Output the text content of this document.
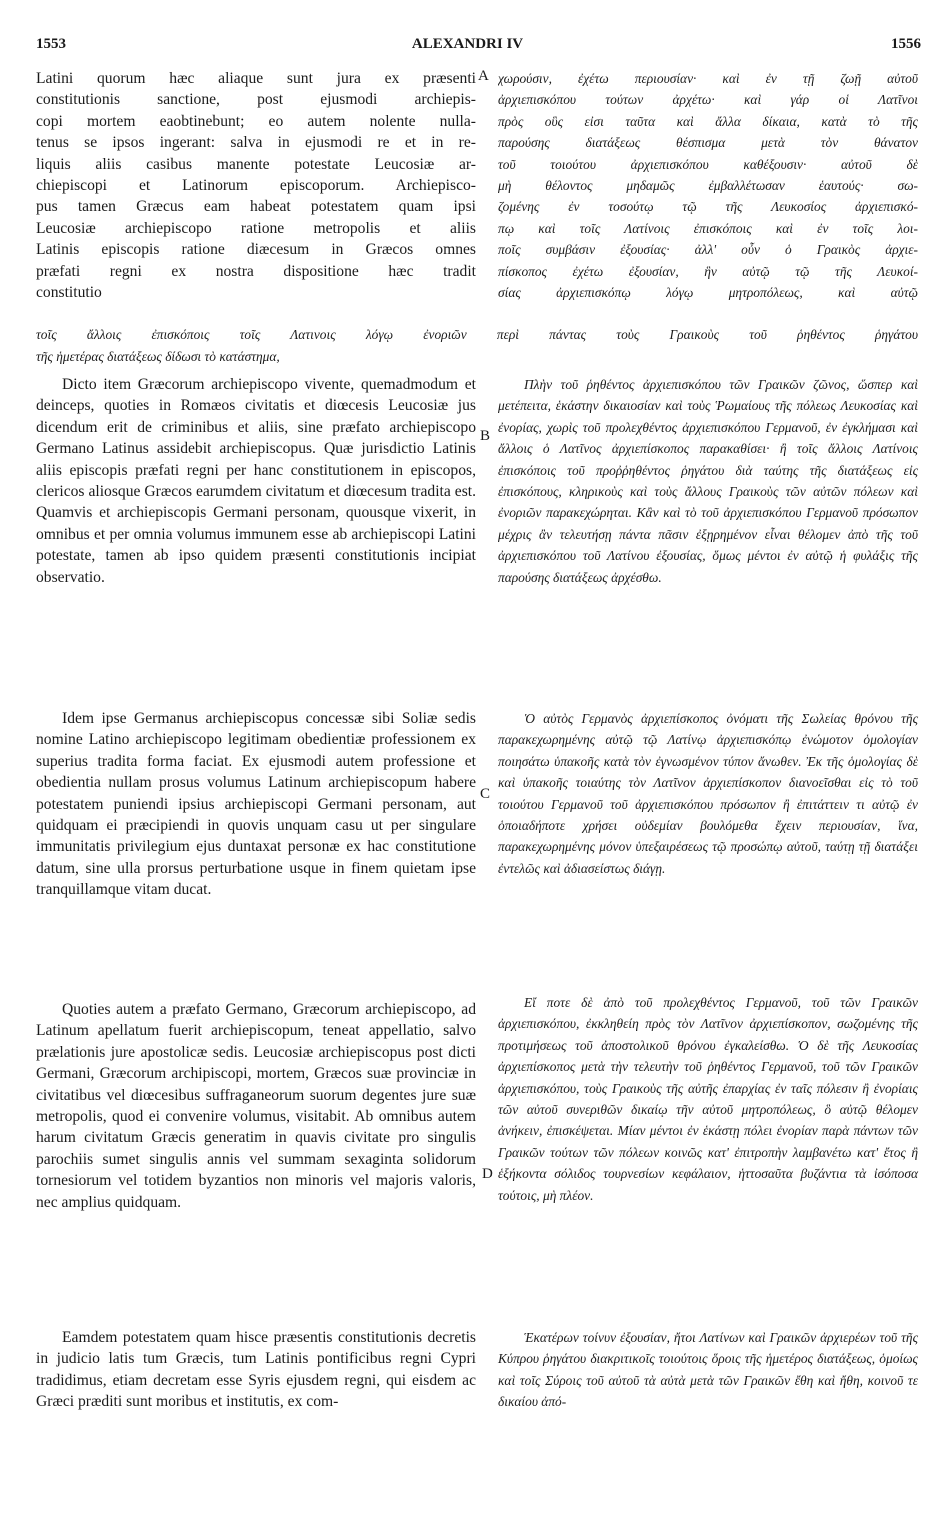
1553	ALEXANDRI IV	1556
A
B
C
D
Latini quorum hæc aliaque sunt jura ex præsenti
constitutionis sanctione, post ejusmodi archiepis-
copi mortem eaobtinebunt; eo autem nolente nulla-
tenus se ipsos ingerant: salva in ejusmodi re et in re-
liquis aliis casibus manente potestate Leucosiæ ar-
chiepiscopi et Latinorum episcoporum. Archiepisco-
pus tamen Græcus eam habeat potestatem quam ipsi
Leucosiæ archiepiscopo ratione metropolis et aliis
Latinis episcopis ratione diæcesum in Græcos omnes
præfati regni ex nostra dispositione hæc tradit
constitutio
χωρούσιν, ἐχέτω περιουσίαν· καὶ ἐν τῇ ζωῇ αὐτοῦ
ἀρχιεπισκόπου τούτων ἀρχέτω· καὶ γάρ οἱ Λατῖνοι
πρὸς οὓς εἰσι ταῦτα καὶ ἄλλα δίκαια, κατὰ τὸ τῆς
παρούσης διατάξεως θέσπισμα μετὰ τὸν θάνατον
τοῦ τοιούτου ἀρχιεπισκόπου καθέξουσιν· αὐτοῦ δὲ
μὴ θέλοντος μηδαμῶς ἐμβαλλέτωσαν ἑαυτούς· σω-
ζομένης ἐν τοσούτῳ τῷ τῆς Λευκοσίος ἀρχιεπισκό-
πῳ καὶ τοῖς Λατίνοις ἐπισκόποις καὶ ἐν τοῖς λοι-
ποῖς συμβάσιν ἐξουσίας· ἀλλ' οὖν ὁ Γραικὸς ἀρχιε-
πίσκοπος ἐχέτω ἐξουσίαν, ἣν αὐτῷ τῷ τῆς Λευκοί-
σίας ἀρχιεπισκόπῳ λόγῳ μητροπόλεως, καὶ αὐτῷ
τοῖς ἄλλοις ἐπισκόποις τοῖς Λατινοις λόγῳ ἐνοριῶν περὶ πάντας τοὺς Γραικοὺς τοῦ ῥηθέντος ῥηγάτου
τῆς ἡμετέρας διατάξεως δίδωσι τὸ κατάστημα,

Dicto item Græcorum archiepiscopo vivente, quemadmodum et deinceps, quoties in Romæos civitatis et diœcesis Leucosiæ jus dicendum erit de criminibus et aliis, sine præfato archiepiscopo Germano Latinus assidebit archiepiscopus. Quæ jurisdictio Latinis aliis episcopis præfati regni per hanc constitutionem in episcopos, clericos aliosque Græcos earumdem civitatum et diœcesum tradita est. Quamvis et archiepiscopis Germani personam, quousque vixerit, in omnibus et per omnia volumus immunem esse ab archiepiscopi Latini potestate, tamen ab ipso quidem præsenti constitutionis incipiat observatio.

Idem ipse Germanus archiepiscopus concessæ sibi Soliæ sedis nomine Latino archiepiscopo legitimam obedientiæ professionem ex superius tradita forma faciat. Ex ejusmodi autem professione et obedientia nullam prosus volumus Latinum archiepiscopum habere potestatem puniendi ipsius archiepiscopi Germani personam, aut quidquam ei præcipiendi in quovis unquam casu ut per singulare immunitatis privilegium ejus duntaxat personæ ex hac constitutione datum, sine ulla prorsus perturbatione usque in finem quietam ipse tranquillamque vitam ducat.

Quoties autem a præfato Germano, Græcorum archiepiscopo, ad Latinum apellatum fuerit archiepiscopum, teneat appellatio, salvo prælationis jure apostolicæ sedis. Leucosiæ archiepiscopus post dicti Germani, Græcorum archipiscopi, mortem, Græcos suæ provinciæ in civitatibus vel diœcesibus suffraganeorum suorum degentes jure suæ metropolis, quod ei convenire volumus, visitabit. Ab omnibus autem harum civitatum Græcis generatim in quavis civitate pro singulis parochiis sumet singulis annis vel summam sexaginta solidorum tornesiorum vel totidem byzantios non minoris vel majoris valoris, nec amplius quidquam.

Eamdem potestatem quam hisce præsentis constitutionis decretis in judicio latis tum Græcis, tum Latinis pontificibus regni Cypri tradidimus, etiam decretam esse Syris ejusdem regni, qui eisdem ac Græci præditi sunt moribus et institutis, ex com-

Πλὴν τοῦ ῥηθέντος ἀρχιεπισκόπου τῶν Γραικῶν ζῶνος, ὥσπερ καὶ μετέπειτα, ἑκάστην δικαιοσίαν καὶ τοὺς Ῥωμαίους τῆς πόλεως Λευκοσίας καὶ ἐνορίας, χωρὶς τοῦ προλεχθέντος ἀρχιεπισκόπου Γερμανοῦ, ἐν ἐγκλήμασι καὶ ἄλλοις ὁ Λατῖνος ἀρχιεπίσκοπος παρακαθίσει· ἢ τοῖς ἄλλοις Λατίνοις ἐπισκόποις τοῦ προῤῥηθέντος ῥηγάτου διὰ ταύτης τῆς διατάξεως εἰς ἐπισκόπους, κληρικοὺς καὶ τοὺς ἄλλους Γραικοὺς τῶν αὐτῶν πόλεων καὶ ἐνοριῶν παρακεχώρηται. Κἂν καὶ τὸ τοῦ ἀρχιεπισκόπου Γερμανοῦ πρόσωπον μέχρις ἂν τελευτήσῃ πάντα πᾶσιν ἐξῃρημένον εἶναι θέλομεν ἀπὸ τῆς τοῦ ἀρχιεπισκόπου τοῦ Λατίνου ἐξουσίας, ὅμως μέντοι ἐν αὐτῷ ἡ φυλάξις τῆς παρούσης διατάξεως ἀρχέσθω.

Ὁ αὐτὸς Γερμανὸς ἀρχιεπίσκοπος ὀνόματι τῆς Σωλείας θρόνου τῆς παρακεχωρημένης αὐτῷ τῷ Λατίνῳ ἀρχιεπισκόπῳ ἐνώμοτον ὁμολογίαν ποιησάτω ὑπακοῆς κατὰ τὸν ἐγνωσμένον τύπον ἄνωθεν. Ἐκ τῆς ὁμολογίας δὲ καὶ ὑπακοῆς τοιαύτης τὸν Λατῖνον ἀρχιεπίσκοπον διανοεῖσθαι εἰς τὸ τοῦ τοιούτου Γερμανοῦ τοῦ ἀρχιεπισκόπου πρόσωπον ἢ ἐπιτάττειν τι αὐτῷ ἐν ὁποιαδήποτε χρήσει οὐδεμίαν βουλόμεθα ἔχειν περιουσίαν, ἵνα, παρακεχωρημένης μόνον ὑπεξαιρέσεως τῷ προσώπῳ αὐτοῦ, ταύτῃ τῇ διατάξει ἐντελῶς καὶ ἀδιασείστως διάγῃ.

Εἴ ποτε δὲ ἀπὸ τοῦ προλεχθέντος Γερμανοῦ, τοῦ τῶν Γραικῶν ἀρχιεπισκόπου, ἐκκληθείη πρὸς τὸν Λατῖνον ἀρχιεπίσκοπον, σωζομένης τῆς προτιμήσεως τοῦ ἀποστολικοῦ θρόνου ἐγκαλείσθω. Ὁ δὲ τῆς Λευκοσίας ἀρχιεπίσκοπος μετὰ τὴν τελευτὴν τοῦ ῥηθέντος Γερμανοῦ, τοῦ τῶν Γραικῶν ἀρχιεπισκόπου, τοὺς Γραικοὺς τῆς αὐτῆς ἐπαρχίας ἐν ταῖς πόλεσιν ἢ ἐνορίαις τῶν αὐτοῦ συνεριθῶν δικαίῳ τῆν αὐτοῦ μητροπόλεως, ὃ αὐτῷ θέλομεν ἀνήκειν, ἐπισκέψεται. Μίαν μέντοι ἐν ἑκάστῃ πόλει ἐνορίαν παρὰ πάντων τῶν Γραικῶν τούτων τῶν πόλεων κοινῶς κατ' ἐπιτροπὴν λαμβανέτω κατ' ἔτος ἢ ἑξήκοντα σόλιδος τουρνεσίων κεφάλαιον, ἡττοσαῦτα βυζάντια τὰ ἰσόποσα τούτοις, μὴ πλέον.

Ἑκατέρων τοίνυν ἐξουσίαν, ἤτοι Λατίνων καὶ Γραικῶν ἀρχιερέων τοῦ τῆς Κύπρου ῥηγάτου διακριτικοῖς τοιούτοις ὅροις τῆς ἡμετέρος διατάξεως, ὁμοίως καὶ τοῖς Σύροις τοῦ αὐτοῦ τὰ αὐτὰ μετὰ τῶν Γραικῶν ἔθη καὶ ἤθη, κοινοῦ τε δικαίου ἀπό-
